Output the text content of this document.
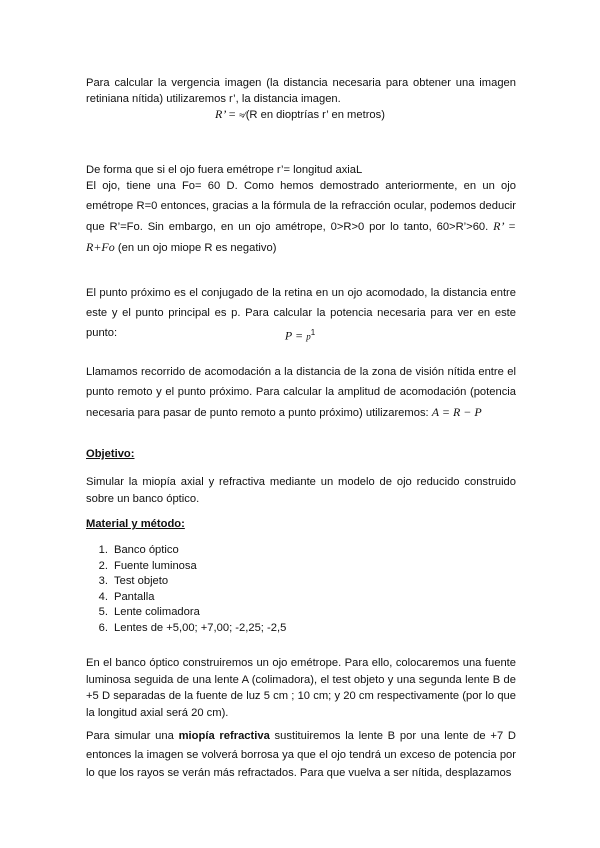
Para calcular la vergencia imagen (la distancia necesaria para obtener una imagen retiniana nítida) utilizaremos r’, la distancia imagen.
R’ = ≈⁄(R en dioptrías r’ en metros)
De forma que si el ojo fuera emétrope r’= longitud axiaL
El ojo, tiene una Fo= 60 D. Como hemos demostrado anteriormente, en un ojo emétrope R=0 entonces, gracias a la fórmula de la refracción ocular, podemos deducir que R’=Fo. Sin embargo, en un ojo amétrope, 0>R>0 por lo tanto, 60>R’>60. R’ = R+Fo (en un ojo miope R es negativo)
El punto próximo es el conjugado de la retina en un ojo acomodado, la distancia entre este y el punto principal es p. Para calcular la potencia necesaria para ver en este punto:	$P = p^1$
Llamamos recorrido de acomodación a la distancia de la zona de visión nítida entre el punto remoto y el punto próximo. Para calcular la amplitud de acomodación (potencia necesaria para pasar de punto remoto a punto próximo) utilizaremos: A = R − P
Objetivo:
Simular la miopía axial y refractiva mediante un modelo de ojo reducido construido sobre un banco óptico.
Material y método:
1. Banco óptico
2. Fuente luminosa
3. Test objeto
4. Pantalla
5. Lente colimadora
6. Lentes de +5,00; +7,00; -2,25; -2,5
En el banco óptico construiremos un ojo emétrope. Para ello, colocaremos una fuente luminosa seguida de una lente A (colimadora), el test objeto y una segunda lente B de +5 D separadas de la fuente de luz 5 cm ; 10 cm; y 20 cm respectivamente (por lo que la longitud axial será 20 cm).
Para simular una miopía refractiva sustituiremos la lente B por una lente de +7 D entonces la imagen se volverá borrosa ya que el ojo tendrá un exceso de potencia por lo que los rayos se verán más refractados. Para que vuelva a ser nítida, desplazamos
